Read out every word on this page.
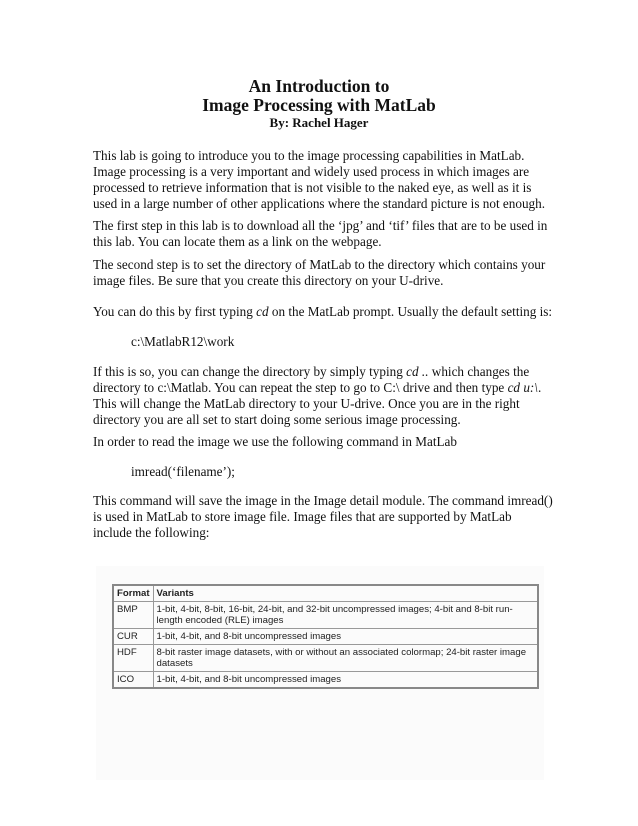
An Introduction to
Image Processing with MatLab
By: Rachel Hager
This lab is going to introduce you to the image processing capabilities in MatLab. Image processing is a very important and widely used process in which images are processed to retrieve information that is not visible to the naked eye, as well as it is used in a large number of other applications where the standard picture is not enough.
The first step in this lab is to download all the ‘jpg’ and ‘tif’ files that are to be used in this lab. You can locate them as a link on the webpage.
The second step is to set the directory of MatLab to the directory which contains your image files. Be sure that you create this directory on your U-drive.
You can do this by first typing cd on the MatLab prompt. Usually the default setting is:
c:\MatlabR12\work
If this is so, you can change the directory by simply typing cd .. which changes the directory to c:\Matlab. You can repeat the step to go to C:\ drive and then type cd u:\. This will change the MatLab directory to your U-drive. Once you are in the right directory you are all set to start doing some serious image processing.
In order to read the image we use the following command in MatLab
imread(‘filename’);
This command will save the image in the Image detail module. The command imread() is used in MatLab to store image file. Image files that are supported by MatLab include the following:
Format	Variants
BMP	1-bit, 4-bit, 8-bit, 16-bit, 24-bit, and 32-bit uncompressed images; 4-bit and 8-bit run-length encoded (RLE) images
CUR	1-bit, 4-bit, and 8-bit uncompressed images
HDF	8-bit raster image datasets, with or without an associated colormap; 24-bit raster image datasets
ICO	1-bit, 4-bit, and 8-bit uncompressed images
